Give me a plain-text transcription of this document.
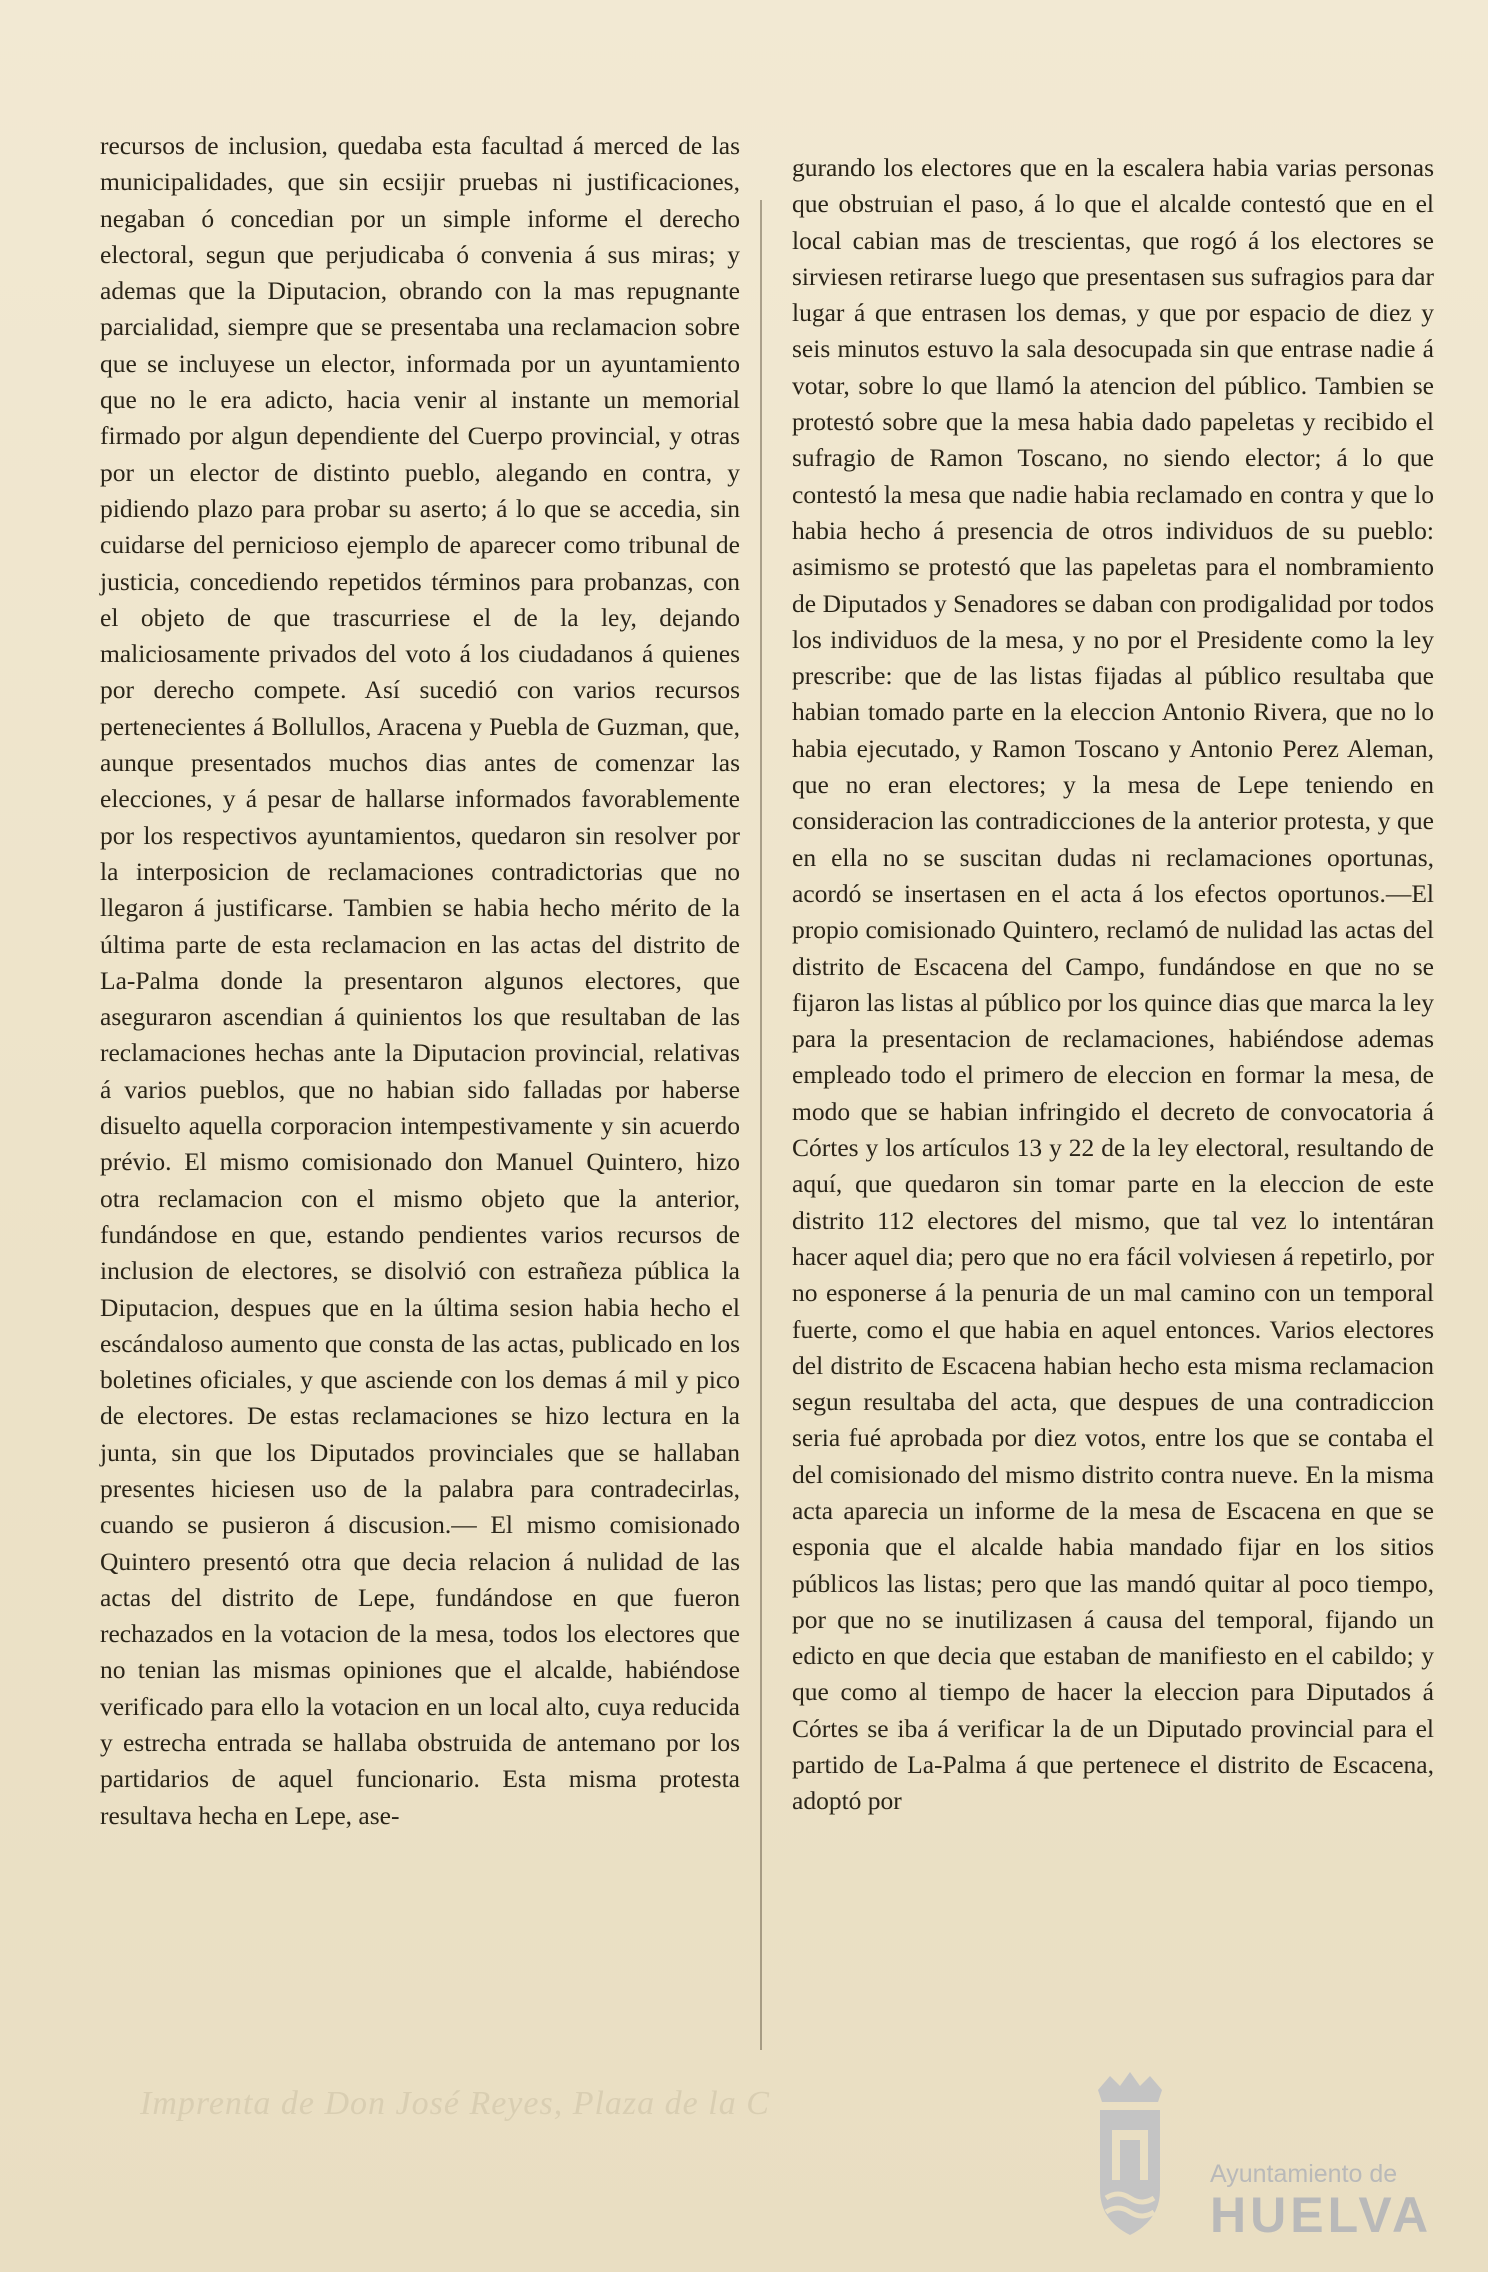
Imprenta de Don José Reyes, Plaza de la C

recursos de inclusion, quedaba esta facultad á merced de las municipalidades, que sin ecsijir pruebas ni justificaciones, negaban ó concedian por un simple informe el derecho electoral, segun que perjudicaba ó convenia á sus miras; y ademas que la Diputacion, obrando con la mas repugnante parcialidad, siempre que se presentaba una reclamacion sobre que se incluyese un elector, informada por un ayuntamiento que no le era adicto, hacia venir al instante un memorial firmado por algun dependiente del Cuerpo provincial, y otras por un elector de distinto pueblo, alegando en contra, y pidiendo plazo para probar su aserto; á lo que se accedia, sin cuidarse del pernicioso ejemplo de aparecer como tribunal de justicia, concediendo repetidos términos para probanzas, con el objeto de que trascurriese el de la ley, dejando maliciosamente privados del voto á los ciudadanos á quienes por derecho compete. Así sucedió con varios recursos pertenecientes á Bollullos, Aracena y Puebla de Guzman, que, aunque presentados muchos dias antes de comenzar las elecciones, y á pesar de hallarse informados favorablemente por los respectivos ayuntamientos, quedaron sin resolver por la interposicion de reclamaciones contradictorias que no llegaron á justificarse. Tambien se habia hecho mérito de la última parte de esta reclamacion en las actas del distrito de La-Palma donde la presentaron algunos electores, que aseguraron ascendian á quinientos los que resultaban de las reclamaciones hechas ante la Diputacion provincial, relativas á varios pueblos, que no habian sido falladas por haberse disuelto aquella corporacion intempestivamente y sin acuerdo prévio. El mismo comisionado don Manuel Quintero, hizo otra reclamacion con el mismo objeto que la anterior, fundándose en que, estando pendientes varios recursos de inclusion de electores, se disolvió con estrañeza pública la Diputacion, despues que en la última sesion habia hecho el escándaloso aumento que consta de las actas, publicado en los boletines oficiales, y que asciende con los demas á mil y pico de electores. De estas reclamaciones se hizo lectura en la junta, sin que los Diputados provinciales que se hallaban presentes hiciesen uso de la palabra para contradecirlas, cuando se pusieron á discusion.— El mismo comisionado Quintero presentó otra que decia relacion á nulidad de las actas del distrito de Lepe, fundándose en que fueron rechazados en la votacion de la mesa, todos los electores que no tenian las mismas opiniones que el alcalde, habiéndose verificado para ello la votacion en un local alto, cuya reducida y estrecha entrada se hallaba obstruida de antemano por los partidarios de aquel funcionario. Esta misma protesta resultava hecha en Lepe, ase-

gurando los electores que en la escalera habia varias personas que obstruian el paso, á lo que el alcalde contestó que en el local cabian mas de trescientas, que rogó á los electores se sirviesen retirarse luego que presentasen sus sufragios para dar lugar á que entrasen los demas, y que por espacio de diez y seis minutos estuvo la sala desocupada sin que entrase nadie á votar, sobre lo que llamó la atencion del público. Tambien se protestó sobre que la mesa habia dado papeletas y recibido el sufragio de Ramon Toscano, no siendo elector; á lo que contestó la mesa que nadie habia reclamado en contra y que lo habia hecho á presencia de otros individuos de su pueblo: asimismo se protestó que las papeletas para el nombramiento de Diputados y Senadores se daban con prodigalidad por todos los individuos de la mesa, y no por el Presidente como la ley prescribe: que de las listas fijadas al público resultaba que habian tomado parte en la eleccion Antonio Rivera, que no lo habia ejecutado, y Ramon Toscano y Antonio Perez Aleman, que no eran electores; y la mesa de Lepe teniendo en consideracion las contradicciones de la anterior protesta, y que en ella no se suscitan dudas ni reclamaciones oportunas, acordó se insertasen en el acta á los efectos oportunos.—El propio comisionado Quintero, reclamó de nulidad las actas del distrito de Escacena del Campo, fundándose en que no se fijaron las listas al público por los quince dias que marca la ley para la presentacion de reclamaciones, habiéndose ademas empleado todo el primero de eleccion en formar la mesa, de modo que se habian infringido el decreto de convocatoria á Córtes y los artículos 13 y 22 de la ley electoral, resultando de aquí, que quedaron sin tomar parte en la eleccion de este distrito 112 electores del mismo, que tal vez lo intentáran hacer aquel dia; pero que no era fácil volviesen á repetirlo, por no esponerse á la penuria de un mal camino con un temporal fuerte, como el que habia en aquel entonces. Varios electores del distrito de Escacena habian hecho esta misma reclamacion segun resultaba del acta, que despues de una contradiccion seria fué aprobada por diez votos, entre los que se contaba el del comisionado del mismo distrito contra nueve. En la misma acta aparecia un informe de la mesa de Escacena en que se esponia que el alcalde habia mandado fijar en los sitios públicos las listas; pero que las mandó quitar al poco tiempo, por que no se inutilizasen á causa del temporal, fijando un edicto en que decia que estaban de manifiesto en el cabildo; y que como al tiempo de hacer la eleccion para Diputados á Córtes se iba á verificar la de un Diputado provincial para el partido de La-Palma á que pertenece el distrito de Escacena, adoptó por

Ayuntamiento de
HUELVA
